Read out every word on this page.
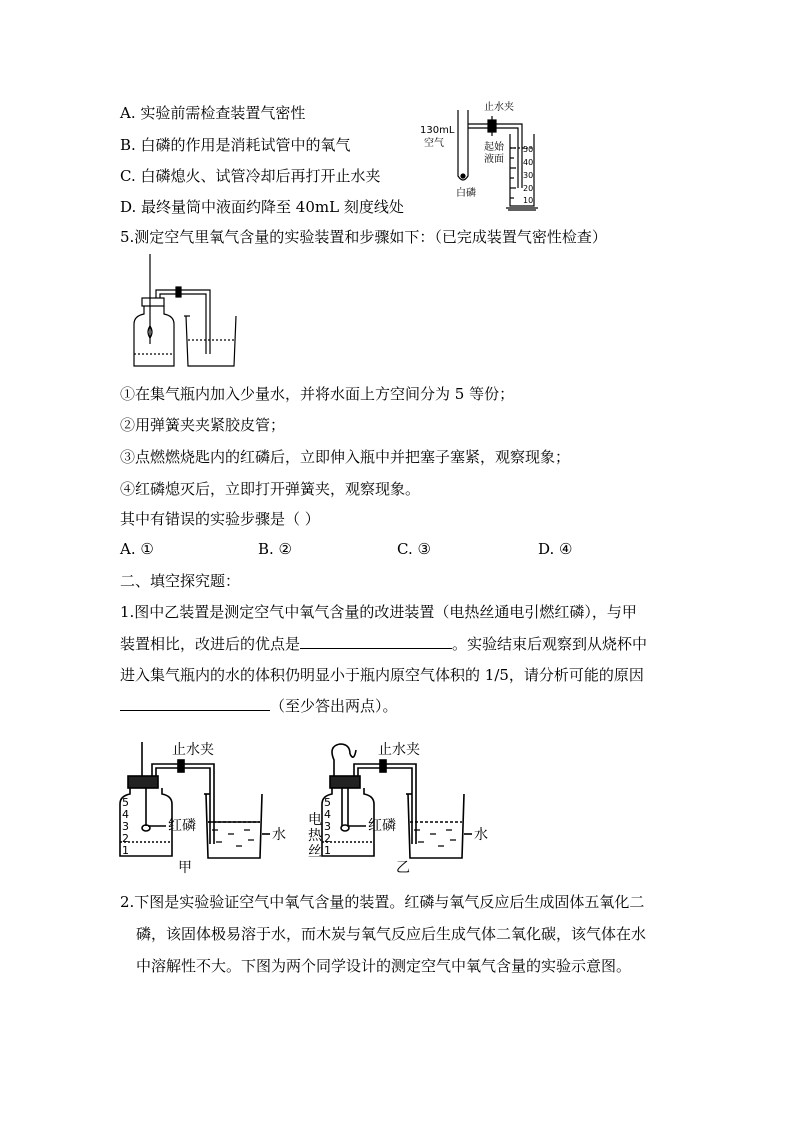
A. 实验前需检查装置气密性
B. 白磷的作用是消耗试管中的氧气
C. 白磷熄火、试管冷却后再打开止水夹
D. 最终量筒中液面约降至 40mL 刻度线处
止水夹
130mL
空气	起始
液面
白磷
50
40
30
20
10
5.测定空气里氧气含量的实验装置和步骤如下：（已完成装置气密性检查）
①在集气瓶内加入少量水，并将水面上方空间分为 5 等份；
②用弹簧夹夹紧胶皮管；
③点燃燃烧匙内的红磷后，立即伸入瓶中并把塞子塞紧，观察现象；
④红磷熄灭后，立即打开弹簧夹，观察现象。
其中有错误的实验步骤是（ ）
A. ①	B. ②	C. ③	D. ④
二、填空探究题：
1.图中乙装置是测定空气中氧气含量的改进装置（电热丝通电引燃红磷），与甲
装置相比，改进后的优点是	。实验结束后观察到从烧杯中
进入集气瓶内的水的体积仍明显小于瓶内原空气体积的 1/5，请分析可能的原因
（至少答出两点）。
止水夹
5
4
3
2
1
红磷
水
甲
止水夹
5
4
3
2
1
电
热
丝
红磷
水
乙
2.下图是实验验证空气中氧气含量的装置。红磷与氧气反应后生成固体五氧化二
磷，该固体极易溶于水，而木炭与氧气反应后生成气体二氧化碳，该气体在水
中溶解性不大。下图为两个同学设计的测定空气中氧气含量的实验示意图。
